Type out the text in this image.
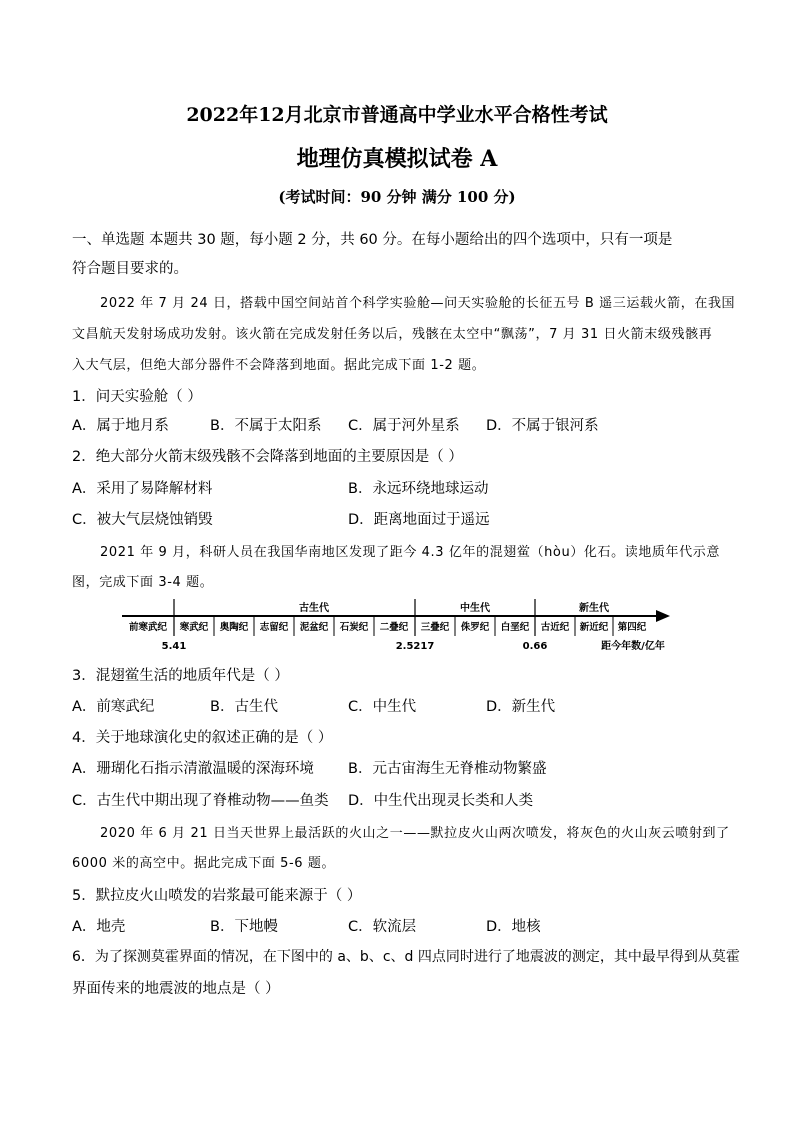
2022年12月北京市普通高中学业水平合格性考试
地理仿真模拟试卷 A
(考试时间：90 分钟 满分 100 分)
一、单选题 本题共 30 题，每小题 2 分，共 60 分。在每小题给出的四个选项中，只有一项是
符合题目要求的。
2022 年 7 月 24 日，搭载中国空间站首个科学实验舱—问天实验舱的长征五号 B 遥三运载火箭，在我国
文昌航天发射场成功发射。该火箭在完成发射任务以后，残骸在太空中“飘荡”，7 月 31 日火箭末级残骸再
入大气层，但绝大部分器件不会降落到地面。据此完成下面 1-2 题。
1．问天实验舱（ ）
A．属于地月系	B．不属于太阳系 C．属于河外星系 D．不属于银河系
2．绝大部分火箭末级残骸不会降落到地面的主要原因是（ ）
A．采用了易降解材料	B．永远环绕地球运动
C．被大气层烧蚀销毁	D．距离地面过于遥远
2021 年 9 月，科研人员在我国华南地区发现了距今 4.3 亿年的混翅鲎（hòu）化石。读地质年代示意
图，完成下面 3-4 题。
古生代	中生代	新生代
前寒武纪 寒武纪 奥陶纪 志留纪 泥盆纪 石炭纪 二叠纪 三叠纪 侏罗纪 白垩纪 古近纪 新近纪 第四纪
5.41	2.5217	0.66	距今年数/亿年
3．混翅鲎生活的地质年代是（ ）
A．前寒武纪	B．古生代	C．中生代	D．新生代
4．关于地球演化史的叙述正确的是（ ）
A．珊瑚化石指示清澈温暖的深海环境 B．元古宙海生无脊椎动物繁盛
C．古生代中期出现了脊椎动物——鱼类 D．中生代出现灵长类和人类
2020 年 6 月 21 日当天世界上最活跃的火山之一——默拉皮火山两次喷发，将灰色的火山灰云喷射到了
6000 米的高空中。据此完成下面 5-6 题。
5．默拉皮火山喷发的岩浆最可能来源于（ ）
A．地壳	B．下地幔	C．软流层	D．地核
6．为了探测莫霍界面的情况，在下图中的 a、b、c、d 四点同时进行了地震波的测定，其中最早得到从莫霍
界面传来的地震波的地点是（ ）
